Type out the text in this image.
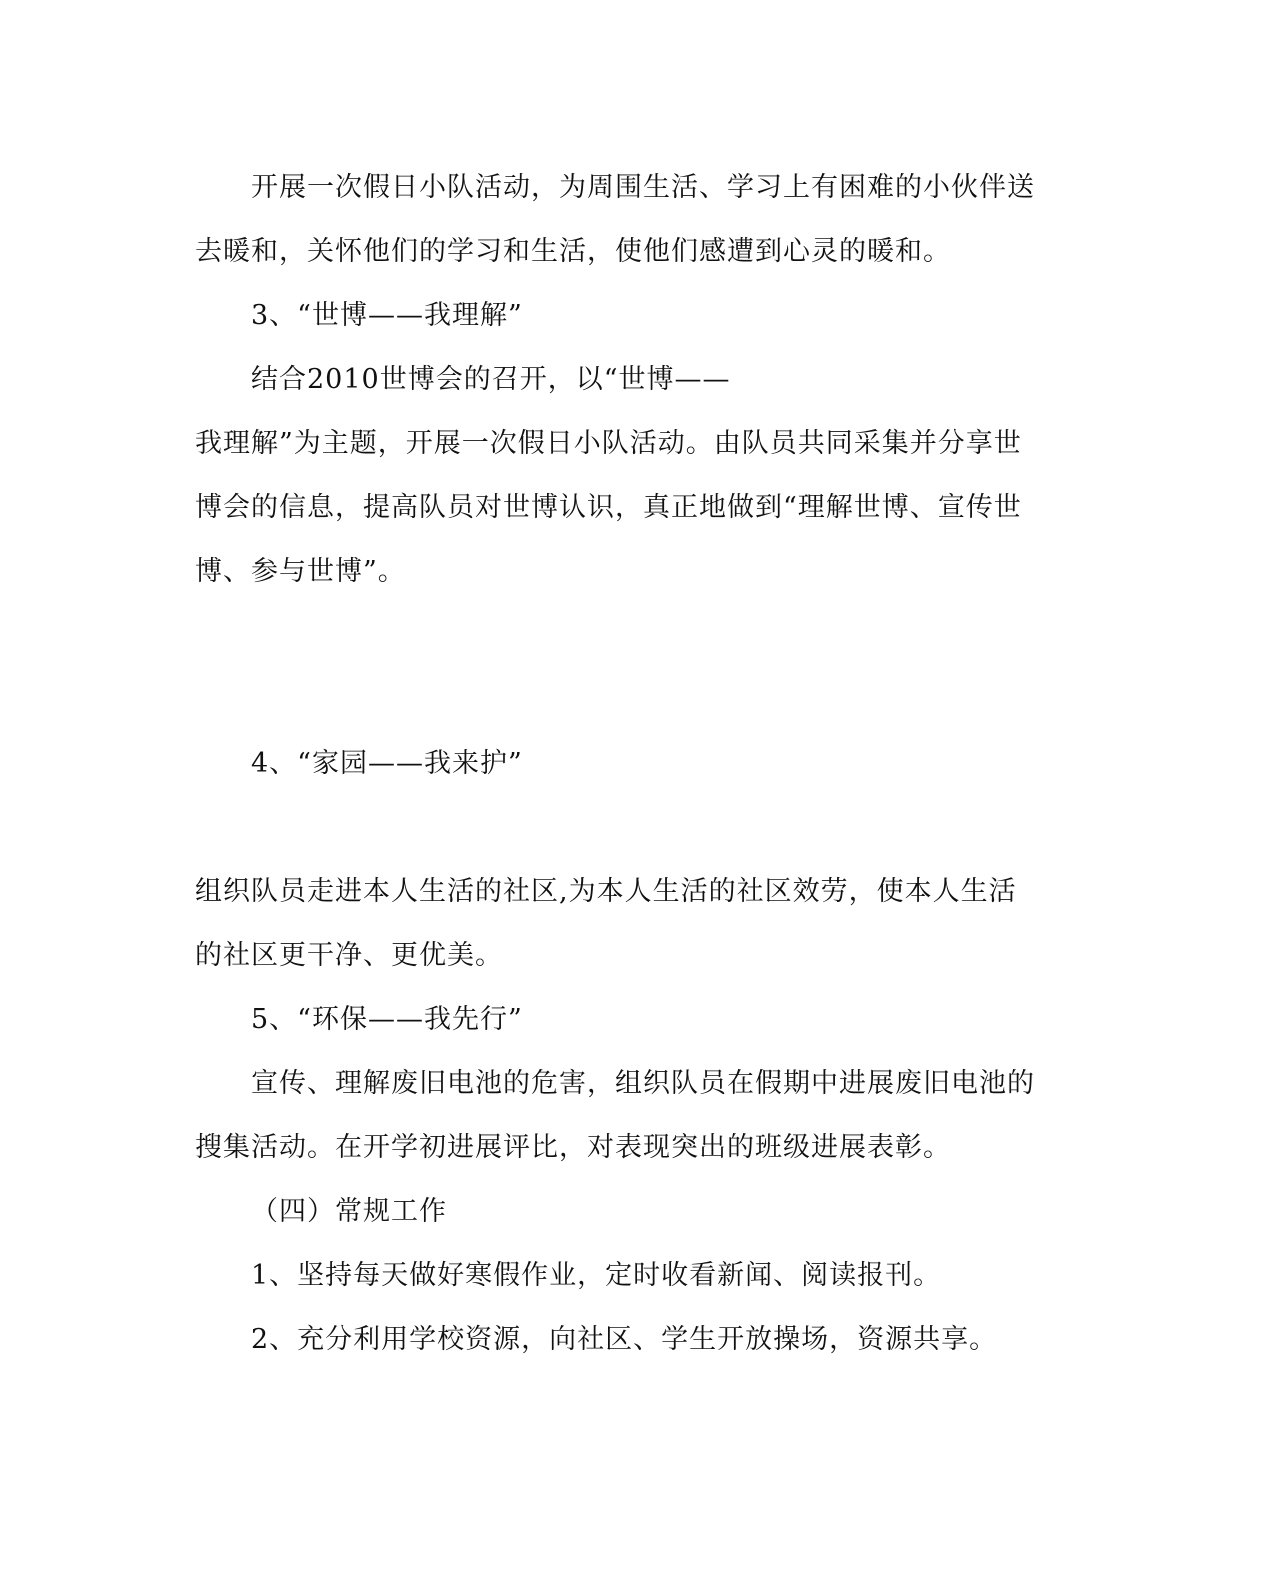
开展一次假日小队活动，为周围生活、学习上有困难的小伙伴送
去暖和，关怀他们的学习和生活，使他们感遭到心灵的暖和。
3、“世博——我理解”
结合2010世博会的召开，以“世博——
我理解”为主题，开展一次假日小队活动。由队员共同采集并分享世
博会的信息，提高队员对世博认识，真正地做到“理解世博、宣传世
博、参与世博”。
4、“家园——我来护”
组织队员走进本人生活的社区,为本人生活的社区效劳，使本人生活
的社区更干净、更优美。
5、“环保——我先行”
宣传、理解废旧电池的危害，组织队员在假期中进展废旧电池的
搜集活动。在开学初进展评比，对表现突出的班级进展表彰。
（四）常规工作
1、坚持每天做好寒假作业，定时收看新闻、阅读报刊。
2、充分利用学校资源，向社区、学生开放操场，资源共享。
